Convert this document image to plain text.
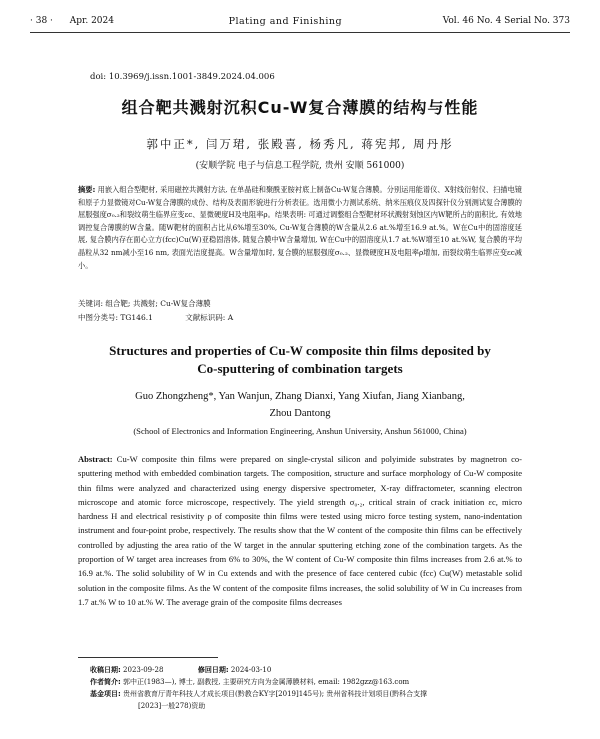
· 38 · Apr. 2024	Plating and Finishing	Vol. 46 No. 4 Serial No. 373
doi: 10.3969/j.issn.1001-3849.2024.04.006
组合靶共溅射沉积Cu-W复合薄膜的结构与性能
郭中正*, 闫万珺, 张殿喜, 杨秀凡, 蒋宪邦, 周丹彤
(安顺学院 电子与信息工程学院, 贵州 安顺 561000)
摘要: 用嵌入组合型靶材, 采用磁控共溅射方法, 在单晶硅和聚酰亚胺衬底上制备Cu-W复合薄膜。分别运用能谱仪、X射线衍射仪、扫描电镜和原子力显微镜对Cu-W复合薄膜的成份、结构及表面形貌进行分析表征。选用微小力测试系统、纳米压痕仪及四探针仪分别测试复合薄膜的屈服强度σ₀.₂和裂纹萌生临界应变εc、显微硬度H及电阻率ρ。结果表明: 可通过调整组合型靶材环状溅射刻蚀区内W靶所占的面积比, 有效地调控复合薄膜的W含量。随W靶材的面积占比从6%增至30%, Cu-W复合薄膜的W含量从2.6 at.%增至16.9 at.%。W在Cu中的固溶度延展, 复合膜内存在面心立方(fcc)Cu(W)亚稳固溶体, 随复合膜中W含量增加, W在Cu中的固溶度从1.7 at.%W增至10 at.%W, 复合膜的平均晶粒从32 nm减小至16 nm, 表面光洁度提高。W含量增加时, 复合膜的屈服强度σ₀.₂、显微硬度H及电阻率ρ增加, 而裂纹萌生临界应变εc减小。
关键词: 组合靶; 共溅射; Cu-W复合薄膜
中图分类号: TG146.1	文献标识码: A
Structures and properties of Cu-W composite thin films deposited by
Co-sputtering of combination targets
Guo Zhongzheng*, Yan Wanjun, Zhang Dianxi, Yang Xiufan, Jiang Xianbang,
Zhou Dantong
(School of Electronics and Information Engineering, Anshun University, Anshun 561000, China)
Abstract: Cu-W composite thin films were prepared on single-crystal silicon and polyimide substrates by magnetron co-sputtering method with embedded combination targets. The composition, structure and surface morphology of Cu-W composite thin films were analyzed and characterized using energy dispersive spectrometer, X-ray diffractometer, scanning electron microscope and atomic force microscope, respectively. The yield strength σ₀.₂, critical strain of crack initiation εc, micro hardness H and electrical resistivity ρ of composite thin films were tested using micro force testing system, nano-indentation instrument and four-point probe, respectively. The results show that the W content of the composite thin films can be effectively controlled by adjusting the area ratio of the W target in the annular sputtering etching zone of the combination targets. As the proportion of W target area increases from 6% to 30%, the W content of Cu-W composite thin films increases from 2.6 at.% to 16.9 at.%. The solid solubility of W in Cu extends and with the presence of face centered cubic (fcc) Cu(W) metastable solid solution in the composite films. As the W content of the composite films increases, the solid solubility of W in Cu increases from 1.7 at.% W to 10 at.% W. The average grain of the composite films decreases
收稿日期: 2023-09-28	修回日期: 2024-03-10
作者简介: 郭中正(1983—), 博士, 副教授, 主要研究方向为金属薄膜材料, email: 1982gzz@163.com
基金项目: 贵州省教育厅青年科技人才成长项目(黔教合KY字[2019]145号); 贵州省科技计划项目(黔科合支撑
[2023]一般278)资助
